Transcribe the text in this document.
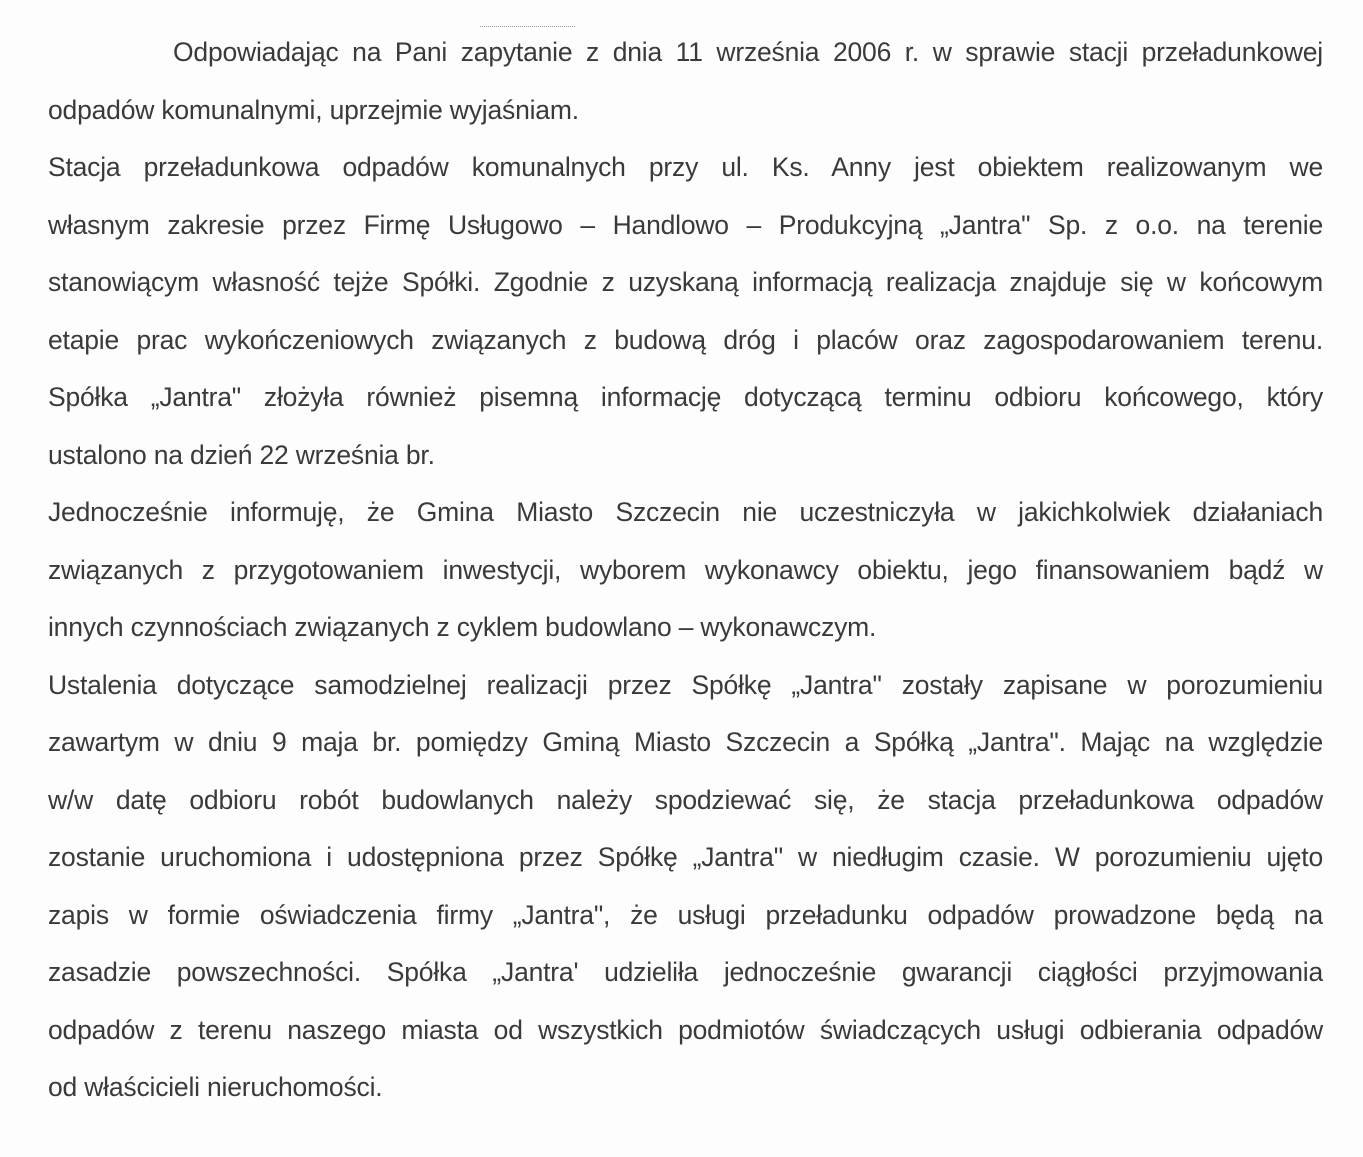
Odpowiadając na Pani zapytanie z dnia 11 września 2006 r. w sprawie stacji przeładunkowej
odpadów komunalnymi, uprzejmie wyjaśniam.
Stacja przeładunkowa odpadów komunalnych przy ul. Ks. Anny jest obiektem realizowanym we
własnym zakresie przez Firmę Usługowo – Handlowo – Produkcyjną „Jantra" Sp. z o.o. na terenie
stanowiącym własność tejże Spółki. Zgodnie z uzyskaną informacją realizacja znajduje się w końcowym
etapie prac wykończeniowych związanych z budową dróg i placów oraz zagospodarowaniem terenu.
Spółka „Jantra" złożyła również pisemną informację dotyczącą terminu odbioru końcowego, który
ustalono na dzień 22 września br.
Jednocześnie informuję, że Gmina Miasto Szczecin nie uczestniczyła w jakichkolwiek działaniach
związanych z przygotowaniem inwestycji, wyborem wykonawcy obiektu, jego finansowaniem bądź w
innych czynnościach związanych z cyklem budowlano – wykonawczym.
Ustalenia dotyczące samodzielnej realizacji przez Spółkę „Jantra" zostały zapisane w porozumieniu
zawartym w dniu 9 maja br. pomiędzy Gminą Miasto Szczecin a Spółką „Jantra". Mając na względzie
w/w datę odbioru robót budowlanych należy spodziewać się, że stacja przeładunkowa odpadów
zostanie uruchomiona i udostępniona przez Spółkę „Jantra" w niedługim czasie. W porozumieniu ujęto
zapis w formie oświadczenia firmy „Jantra", że usługi przeładunku odpadów prowadzone będą na
zasadzie powszechności. Spółka „Jantra' udzieliła jednocześnie gwarancji ciągłości przyjmowania
odpadów z terenu naszego miasta od wszystkich podmiotów świadczących usługi odbierania odpadów
od właścicieli nieruchomości.
